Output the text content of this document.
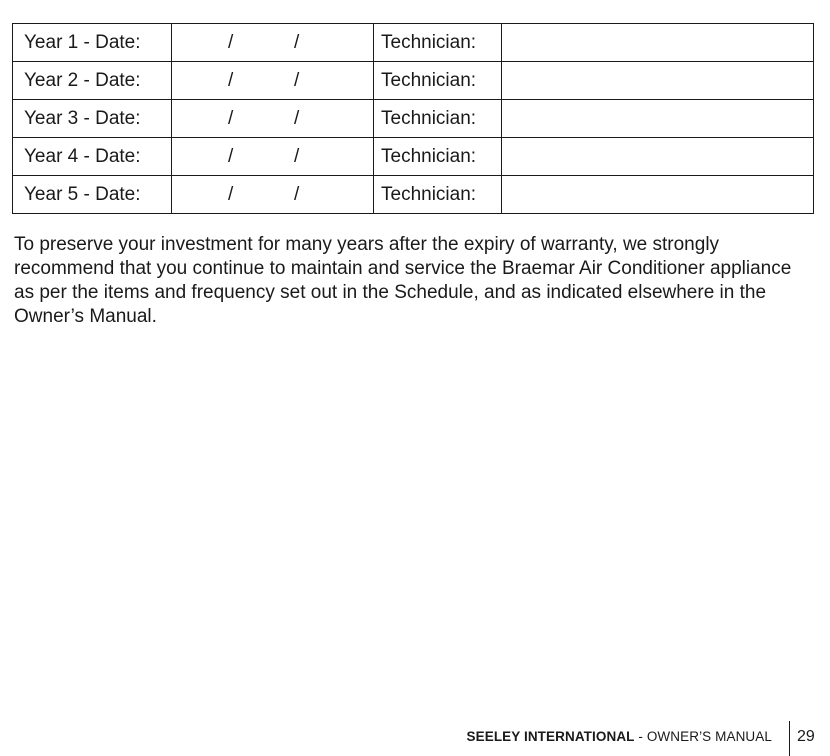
Year 1 - Date:	/ /	Technician:	
Year 2 - Date:	/ /	Technician:	
Year 3 - Date:	/ /	Technician:	
Year 4 - Date:	/ /	Technician:	
Year 5 - Date:	/ /	Technician:	

To preserve your investment for many years after the expiry of warranty, we strongly recommend that you continue to maintain and service the Braemar Air Conditioner appliance as per the items and frequency set out in the Schedule, and as indicated elsewhere in the Owner’s Manual.

SEELEY INTERNATIONAL - OWNER’S MANUAL 29
